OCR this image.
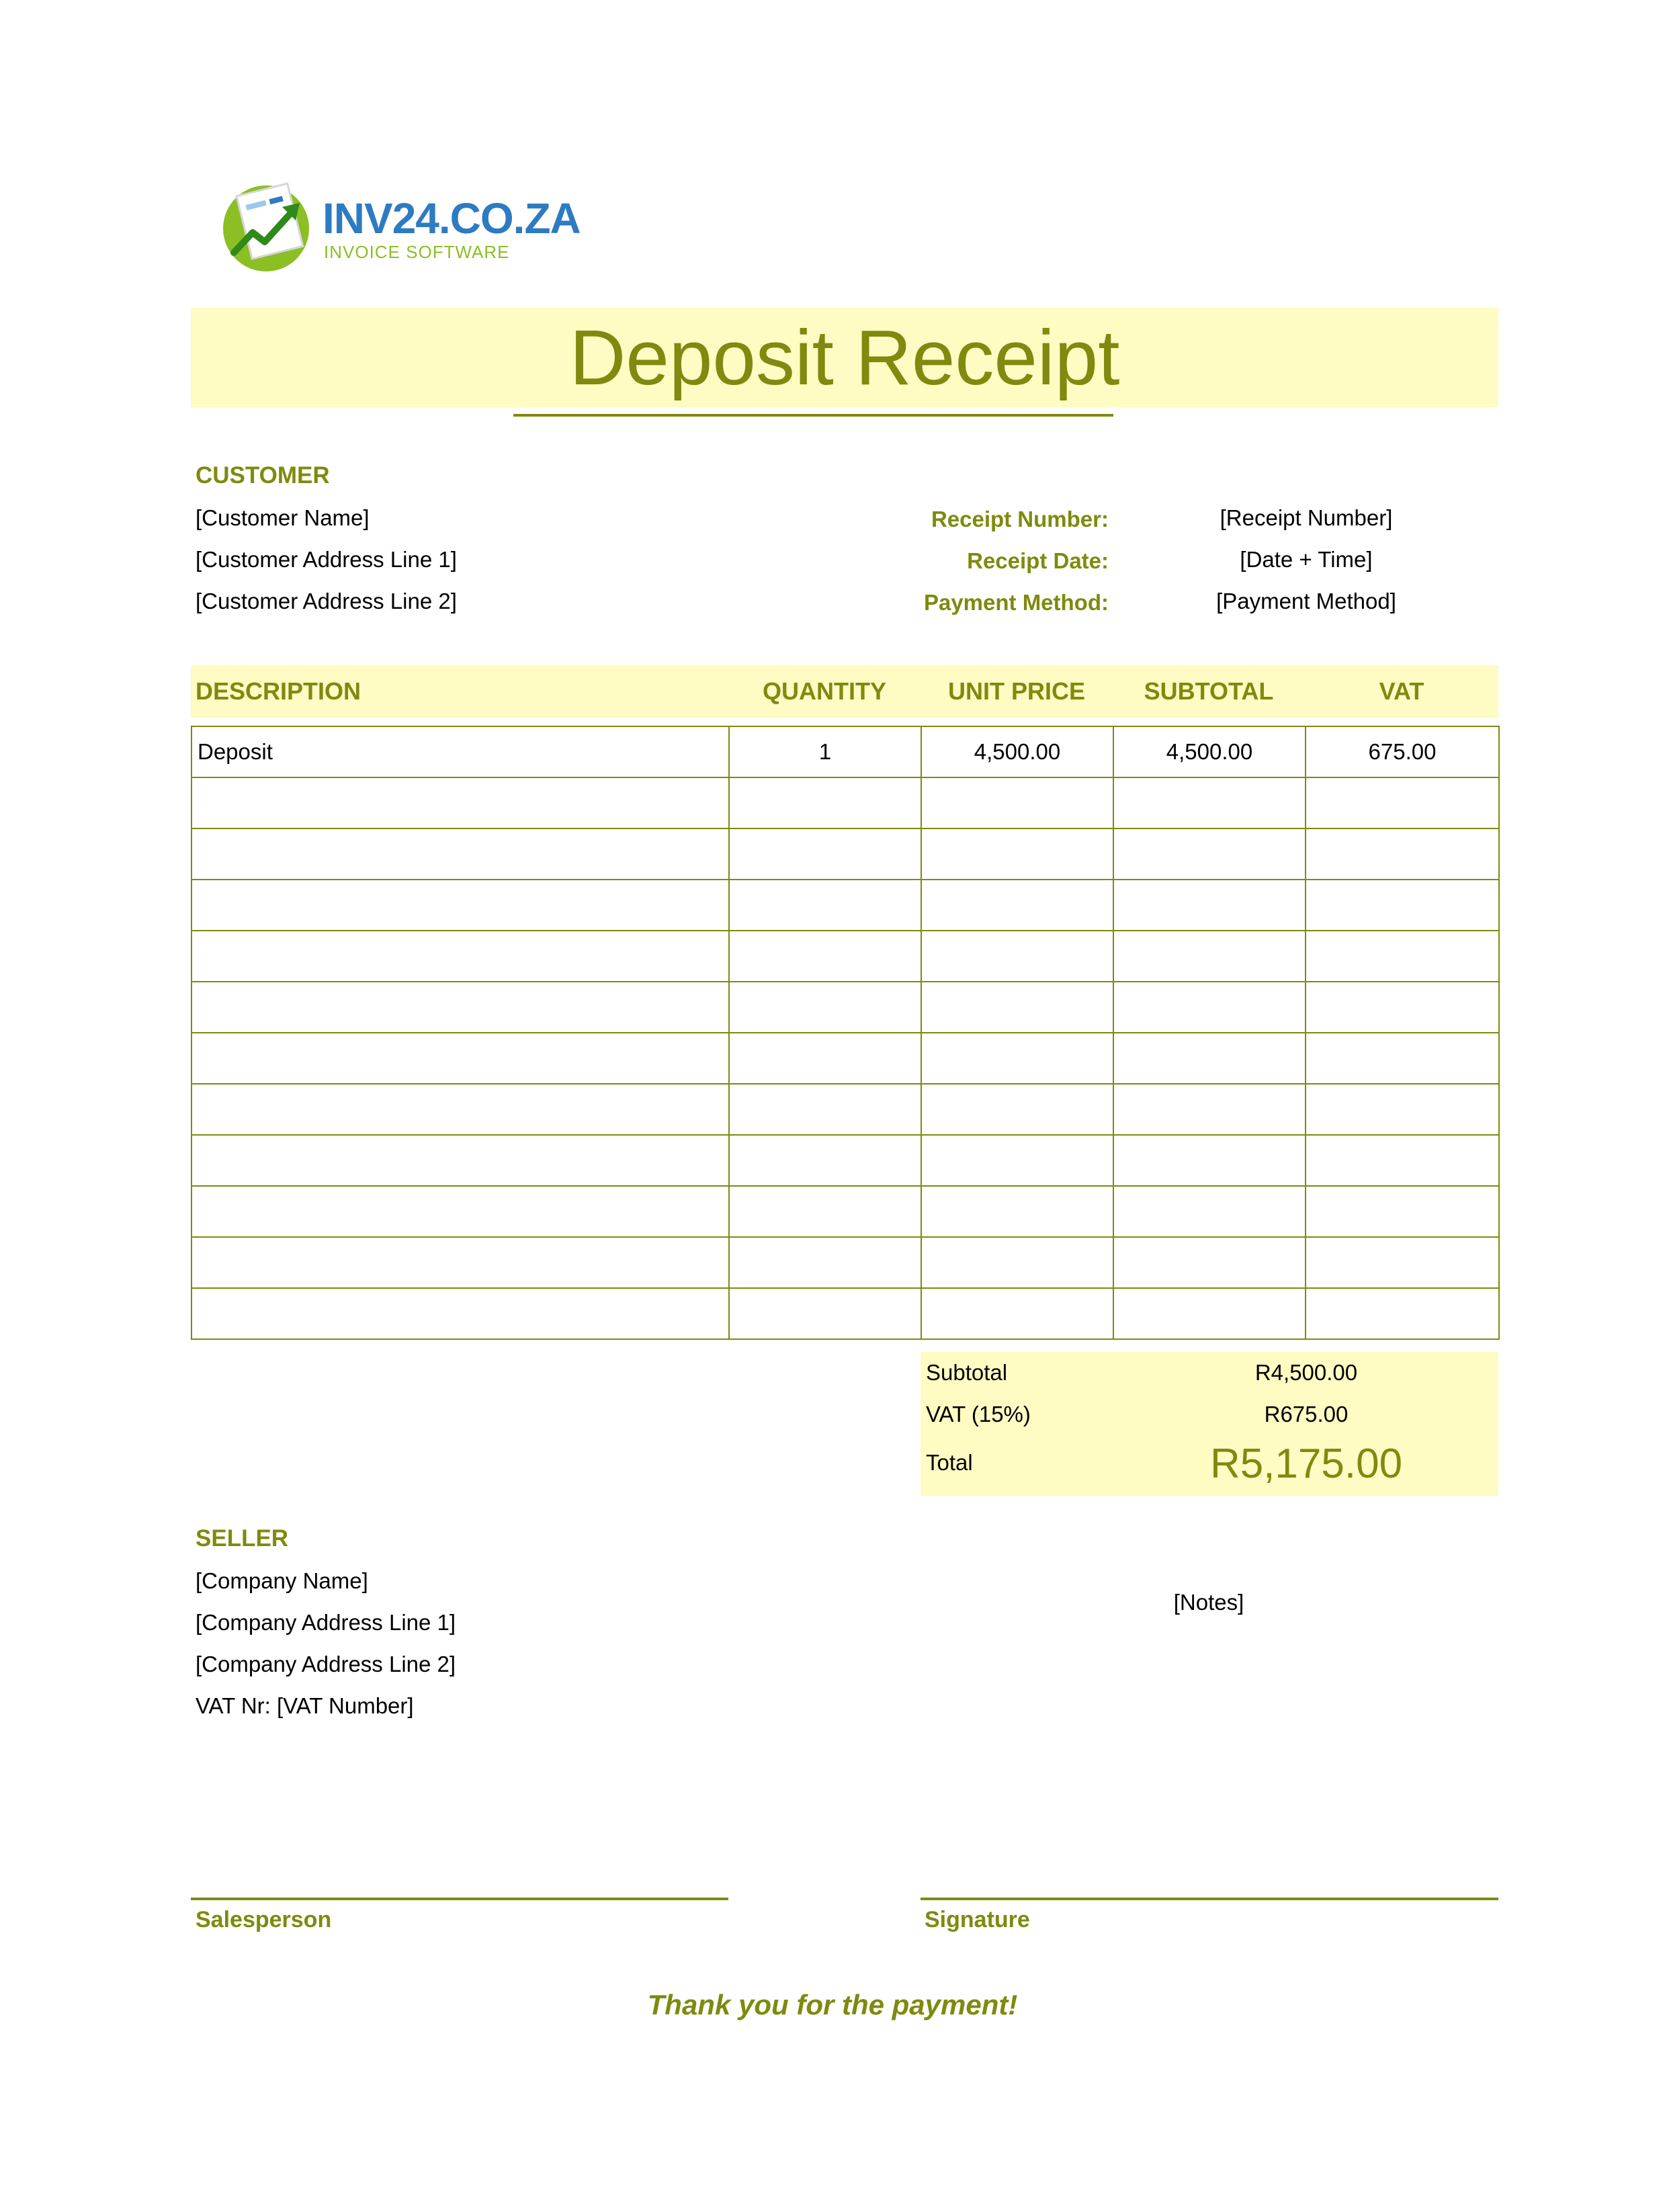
INV24.CO.ZA
INVOICE SOFTWARE
Deposit Receipt
CUSTOMER
[Customer Name]
[Customer Address Line 1]
[Customer Address Line 2]
Receipt Number:	[Receipt Number]
Receipt Date:	[Date + Time]
Payment Method:	[Payment Method]
DESCRIPTION	QUANTITY	UNIT PRICE	SUBTOTAL	VAT
Deposit	1	4,500.00	4,500.00	675.00

Subtotal	R4,500.00
VAT (15%)	R675.00
Total	R5,175.00
SELLER
[Company Name]
[Company Address Line 1]
[Company Address Line 2]
VAT Nr: [VAT Number]
[Notes]
Salesperson	Signature
Thank you for the payment!
